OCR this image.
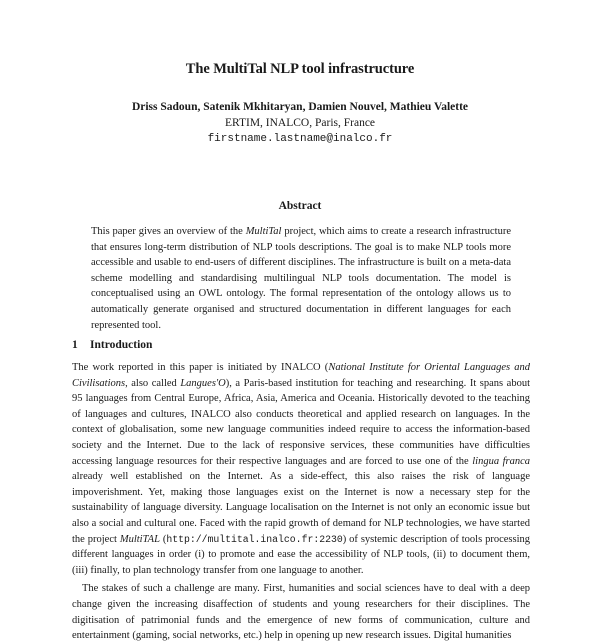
The MultiTal NLP tool infrastructure
Driss Sadoun, Satenik Mkhitaryan, Damien Nouvel, Mathieu Valette
ERTIM, INALCO, Paris, France
firstname.lastname@inalco.fr
Abstract
This paper gives an overview of the MultiTal project, which aims to create a research infrastructure that ensures long-term distribution of NLP tools descriptions. The goal is to make NLP tools more accessible and usable to end-users of different disciplines. The infrastructure is built on a meta-data scheme modelling and standardising multilingual NLP tools documentation. The model is conceptualised using an OWL ontology. The formal representation of the ontology allows us to automatically generate organised and structured documentation in different languages for each represented tool.
1 Introduction

The work reported in this paper is initiated by INALCO (National Institute for Oriental Languages and Civilisations, also called Langues'O), a Paris-based institution for teaching and researching. It spans about 95 languages from Central Europe, Africa, Asia, America and Oceania. Historically devoted to the teaching of languages and cultures, INALCO also conducts theoretical and applied research on languages. In the context of globalisation, some new language communities indeed require to access the information-based society and the Internet. Due to the lack of responsive services, these communities have difficulties accessing language resources for their respective languages and are forced to use one of the lingua franca already well established on the Internet. As a side-effect, this also raises the risk of language impoverishment. Yet, making those languages exist on the Internet is now a necessary step for the sustainability of language diversity. Language localisation on the Internet is not only an economic issue but also a social and cultural one. Faced with the rapid growth of demand for NLP technologies, we have started the project MultiTAL (http://multital.inalco.fr:2230) of systemic description of tools processing different languages in order (i) to promote and ease the accessibility of NLP tools, (ii) to document them, (iii) finally, to plan technology transfer from one language to another.

The stakes of such a challenge are many. First, humanities and social sciences have to deal with a deep change given the increasing disaffection of students and young researchers for their disciplines. The digitisation of patrimonial funds and the emergence of new forms of communication, culture and entertainment (gaming, social networks, etc.) help in opening up new research issues. Digital humanities
